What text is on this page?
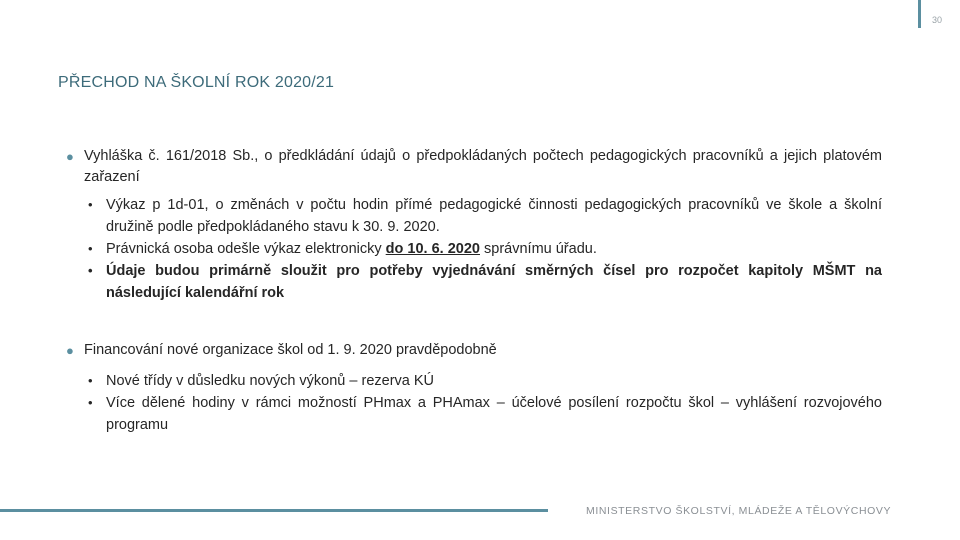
30
PŘECHOD NA ŠKOLNÍ ROK 2020/21
● Vyhláška č. 161/2018 Sb., o předkládání údajů o předpokládaných počtech pedagogických pracovníků a jejich platovém zařazení
• Výkaz p 1d-01, o změnách v počtu hodin přímé pedagogické činnosti pedagogických pracovníků ve škole a školní družině podle předpokládaného stavu k 30. 9. 2020.
• Právnická osoba odešle výkaz elektronicky do 10. 6. 2020 správnímu úřadu.
• Údaje budou primárně sloužit pro potřeby vyjednávání směrných čísel pro rozpočet kapitoly MŠMT na následující kalendářní rok
● Financování nové organizace škol od 1. 9. 2020 pravděpodobně
• Nové třídy v důsledku nových výkonů – rezerva KÚ
• Více dělené hodiny v rámci možností PHmax a PHAmax – účelové posílení rozpočtu škol – vyhlášení rozvojového programu
MINISTERSTVO ŠKOLSTVÍ, MLÁDEŽE A TĚLOVÝCHOVY
